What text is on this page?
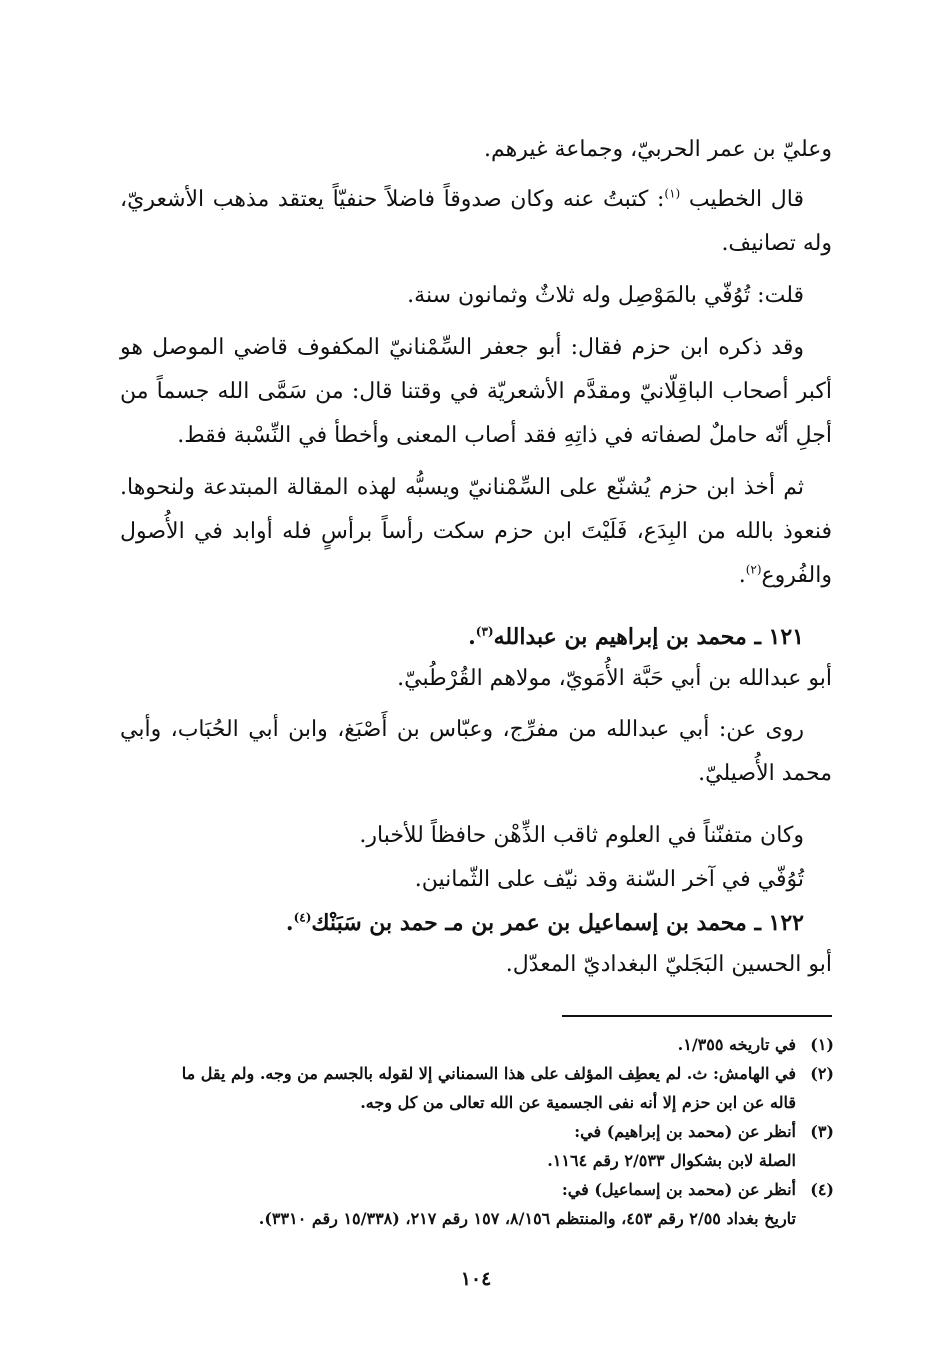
وعليّ بن عمر الحربيّ، وجماعة غيرهم.

قال الخطيب $^{(١)}$: كتبتُ عنه وكان صدوقاً فاضلاً حنفيّاً يعتقد مذهب الأشعريّ، وله تصانيف.

قلت: تُوُفّي بالمَوْصِل وله ثلاثٌ وثمانون سنة.

وقد ذكره ابن حزم فقال: أبو جعفر السِّمْنانيّ المكفوف قاضي الموصل هو أكبر أصحاب الباقِلّانيّ ومقدَّم الأشعريّة في وقتنا قال: من سَمَّى الله جسماً من أجلِ أنّه حاملٌ لصفاته في ذاتِهِ فقد أصاب المعنى وأخطأ في النِّسْبة فقط.

ثم أخذ ابن حزم يُشنّع على السِّمْنانيّ ويسبُّه لهذه المقالة المبتدعة ولنحوها. فنعوذ بالله من البِدَع، فَلَيْتَ ابن حزم سكت رأساً برأسٍ فله أوابد في الأُصول والفُروع$^{(٢)}$.

١٢١ ـ محمد بن إبراهيم بن عبدالله$^{(٣)}$.

أبو عبدالله بن أبي حَبَّة الأُمَويّ، مولاهم القُرْطُبيّ.

روى عن: أبي عبدالله من مفرِّج، وعبّاس بن أَصْبَغ، وابن أبي الحُبَاب، وأبي محمد الأُصيليّ.

وكان متفنّناً في العلوم ثاقب الذِّهْن حافظاً للأخبار.

تُوُفّي في آخر السّنة وقد نيّف على الثّمانين.

١٢٢ ـ محمد بن إسماعيل بن عمر بن مـ حمد بن سَبَنْك$^{(٤)}$.

أبو الحسين البَجَليّ البغداديّ المعدّل.

(١)
في تاريخه ١/٣٥٥.
(٢)
في الهامش: ث. لم يعطِف المؤلف على هذا السمناني إلا لقوله بالجسم من وجه. ولم يقل ما
قاله عن ابن حزم إلا أنه نفى الجسمية عن الله تعالى من كل وجه.
(٣)
أنظر عن (محمد بن إبراهيم) في:
الصلة لابن بشكوال ٢/٥٣٣ رقم ١١٦٤.
(٤)
أنظر عن (محمد بن إسماعيل) في:
تاريخ بغداد ٢/٥٥ رقم ٤٥٣، والمنتظم ٨/١٥٦، ١٥٧ رقم ٢١٧، (١٥/٣٣٨ رقم ٣٣١٠).
١٠٤
